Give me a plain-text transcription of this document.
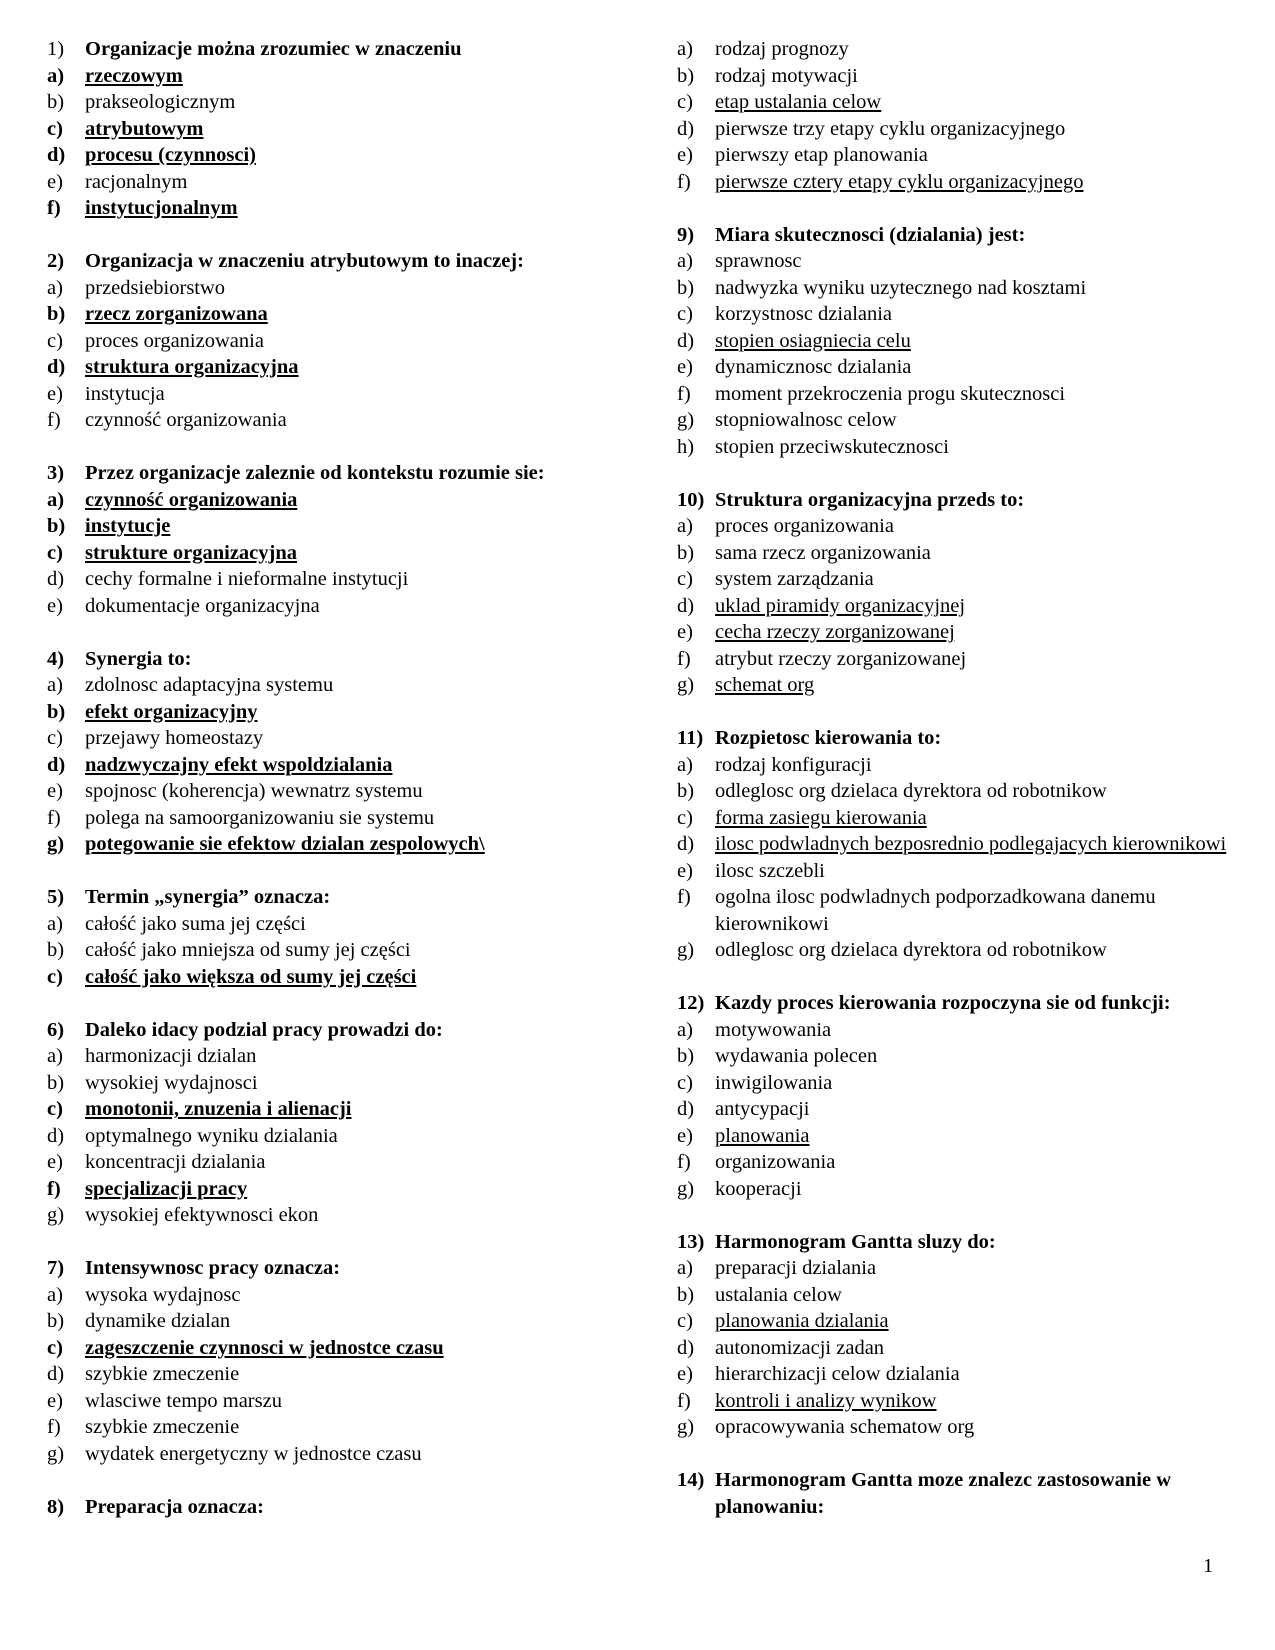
1)	Organizacje można zrozumiec w znaczeniu
a)	rzeczowym
b)	prakseologicznym
c)	atrybutowym
d) procesu (czynnosci)
e)	racjonalnym
f)	instytucjonalnym
2)	Organizacja w znaczeniu atrybutowym to inaczej:
a)	przedsiebiorstwo
b) rzecz zorganizowana
c)	proces organizowania
d) struktura organizacyjna
e)	instytucja
f)	czynność organizowania
3)	Przez organizacje zaleznie od kontekstu rozumie sie:
a)	czynność organizowania
b) instytucje
c)	strukture organizacyjna
d)	cechy formalne i nieformalne instytucji
e)	dokumentacje organizacyjna
4)	Synergia to:
a)	zdolnosc adaptacyjna systemu
b) efekt organizacyjny
c)	przejawy homeostazy
d) nadzwyczajny efekt wspoldzialania
e)	spojnosc (koherencja) wewnatrz systemu
f)	polega na samoorganizowaniu sie systemu
g)	potegowanie sie efektow dzialan zespolowych\
5)	Termin „synergia” oznacza:
a)	całość jako suma jej części
b)	całość jako mniejsza od sumy jej części
c)	całość jako większa od sumy jej części
6)	Daleko idacy podzial pracy prowadzi do:
a)	harmonizacji dzialan
b)	wysokiej wydajnosci
c)	monotonii, znuzenia i alienacji
d)	optymalnego wyniku dzialania
e)	koncentracji dzialania
f)	specjalizacji pracy
g)	wysokiej efektywnosci ekon
7)	Intensywnosc pracy oznacza:
a)	wysoka wydajnosc
b)	dynamike dzialan
c)	zageszczenie czynnosci w jednostce czasu
d)	szybkie zmeczenie
e)	wlasciwe tempo marszu
f)	szybkie zmeczenie
g)	wydatek energetyczny w jednostce czasu
8)	Preparacja oznacza:
a)	rodzaj prognozy
b)	rodzaj motywacji
c)	etap ustalania celow
d)	pierwsze trzy etapy cyklu organizacyjnego
e)	pierwszy etap planowania
f)	pierwsze cztery etapy cyklu organizacyjnego
9)	Miara skutecznosci (dzialania) jest:
a)	sprawnosc
b)	nadwyzka wyniku uzytecznego nad kosztami
c)	korzystnosc dzialania
d)	stopien osiagniecia celu
e)	dynamicznosc dzialania
f)	moment przekroczenia progu skutecznosci
g)	stopniowalnosc celow
h)	stopien przeciwskutecznosci
10) Struktura organizacyjna przeds to:
a)	proces organizowania
b)	sama rzecz organizowania
c)	system zarządzania
d)	uklad piramidy organizacyjnej
e)	cecha rzeczy zorganizowanej
f)	atrybut rzeczy zorganizowanej
g)	schemat org
11) Rozpietosc kierowania to:
a)	rodzaj konfiguracji
b)	odleglosc org dzielaca dyrektora od robotnikow
c)	forma zasiegu kierowania
d)	ilosc podwladnych bezposrednio podlegajacych kierownikowi
e)	ilosc szczebli
f)	ogolna ilosc podwladnych podporzadkowana danemu kierownikowi
g)	odleglosc org dzielaca dyrektora od robotnikow
12) Kazdy proces kierowania rozpoczyna sie od funkcji:
a)	motywowania
b)	wydawania polecen
c)	inwigilowania
d)	antycypacji
e)	planowania
f)	organizowania
g)	kooperacji
13) Harmonogram Gantta sluzy do:
a)	preparacji dzialania
b)	ustalania celow
c)	planowania dzialania
d)	autonomizacji zadan
e)	hierarchizacji celow dzialania
f)	kontroli i analizy wynikow
g)	opracowywania schematow org
14) Harmonogram Gantta moze znalezc zastosowanie w planowaniu:
1
